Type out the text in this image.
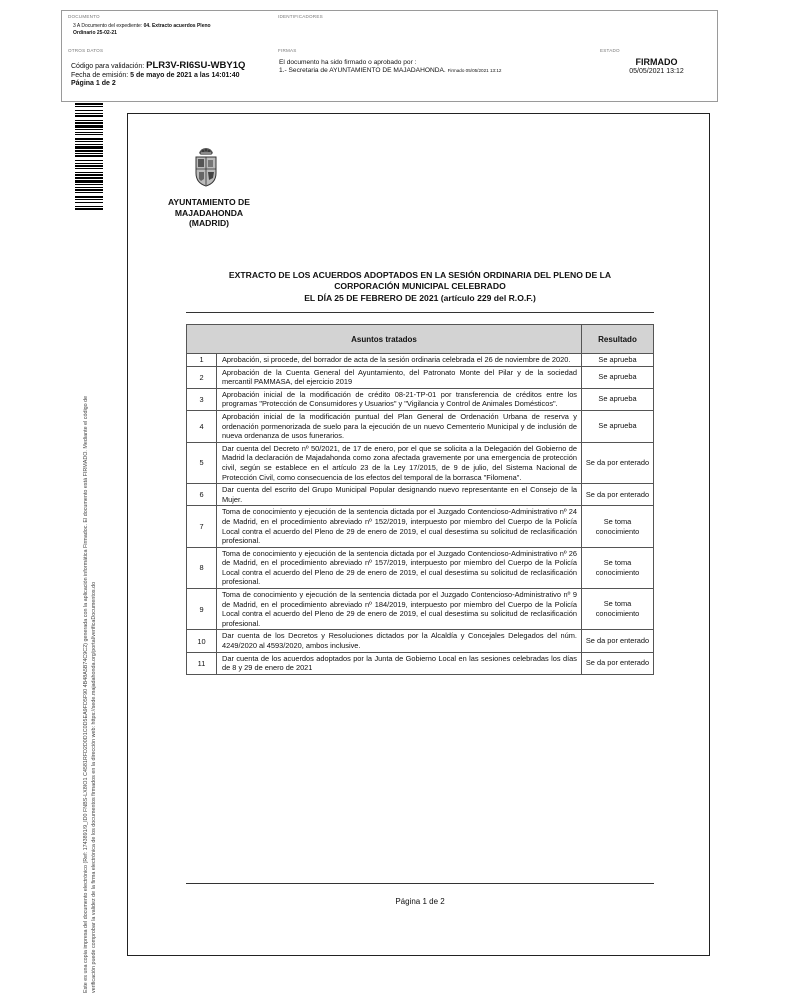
DOCUMENTO
3 A Documento del expediente: 04. Extracto acuerdos Pleno Ordinario 25-02-21
IDENTIFICADORES
OTROS DATOS
Código para validación: PLR3V-RI6SU-WBY1Q
Fecha de emisión: 5 de mayo de 2021 a las 14:01:40
Página 1 de 2
FIRMAS
El documento ha sido firmado o aprobado por :
1.- Secretaria de AYUNTAMIENTO DE MAJADAHONDA. Firmado 05/05/2021 13:12
ESTADO
FIRMADO
05/05/2021 13:12
Este es una copia impresa del documento electrónico (Ref: 1743891/9_ID0 FNBS-LX8IO1 C4581RFD2D0D1C0D5EA9FD5F90 4B48A5B74C9C2) generada con la aplicación informática Firmadoc. El documento está FIRMADO. Mediante el código de verificación puede comprobar la validez de la firma electrónica de los documentos firmados en la dirección web: https://sede.majadahonda.org/portal/verificaDocumentos.do
AYUNTAMIENTO DE
MAJADAHONDA
(MADRID)
EXTRACTO DE LOS ACUERDOS ADOPTADOS EN LA SESIÓN ORDINARIA DEL PLENO DE LA
CORPORACIÓN MUNICIPAL CELEBRADO
EL DÍA 25 DE FEBRERO DE 2021 (artículo 229 del R.O.F.)
Asuntos tratados		Resultado
1	Aprobación, si procede, del borrador de acta de la sesión ordinaria celebrada el 26 de noviembre de 2020.	Se aprueba
2	Aprobación de la Cuenta General del Ayuntamiento, del Patronato Monte del Pilar y de la sociedad mercantil PAMMASA, del ejercicio 2019	Se aprueba
3	Aprobación inicial de la modificación de crédito 08-21-TP-01 por transferencia de créditos entre los programas "Protección de Consumidores y Usuarios" y "Vigilancia y Control de Animales Domésticos".	Se aprueba
4	Aprobación inicial de la modificación puntual del Plan General de Ordenación Urbana de reserva y ordenación pormenorizada de suelo para la ejecución de un nuevo Cementerio Municipal y de inclusión de nueva ordenanza de usos funerarios.	Se aprueba
5	Dar cuenta del Decreto nº 50/2021, de 17 de enero, por el que se solicita a la Delegación del Gobierno de Madrid la declaración de Majadahonda como zona afectada gravemente por una emergencia de protección civil, según se establece en el artículo 23 de la Ley 17/2015, de 9 de julio, del Sistema Nacional de Protección Civil, como consecuencia de los efectos del temporal de la borrasca "Filomena".	Se da por enterado
6	Dar cuenta del escrito del Grupo Municipal Popular designando nuevo representante en el Consejo de la Mujer.	Se da por enterado
7	Toma de conocimiento y ejecución de la sentencia dictada por el Juzgado Contencioso-Administrativo nº 24 de Madrid, en el procedimiento abreviado nº 152/2019, interpuesto por miembro del Cuerpo de la Policía Local contra el acuerdo del Pleno de 29 de enero de 2019, el cual desestima su solicitud de reclasificación profesional.	Se toma conocimiento
8	Toma de conocimiento y ejecución de la sentencia dictada por el Juzgado Contencioso-Administrativo nº 26 de Madrid, en el procedimiento abreviado nº 157/2019, interpuesto por miembro del Cuerpo de la Policía Local contra el acuerdo del Pleno de 29 de enero de 2019, el cual desestima su solicitud de reclasificación profesional.	Se toma conocimiento
9	Toma de conocimiento y ejecución de la sentencia dictada por el Juzgado Contencioso-Administrativo nº 9 de Madrid, en el procedimiento abreviado nº 184/2019, interpuesto por miembro del Cuerpo de la Policía Local contra el acuerdo del Pleno de 29 de enero de 2019, el cual desestima su solicitud de reclasificación profesional.	Se toma conocimiento
10	Dar cuenta de los Decretos y Resoluciones dictados por la Alcaldía y Concejales Delegados del núm. 4249/2020 al 4593/2020, ambos inclusive.	Se da por enterado
11	Dar cuenta de los acuerdos adoptados por la Junta de Gobierno Local en las sesiones celebradas los días de 8 y 29 de enero de 2021	Se da por enterado
Página 1 de 2
